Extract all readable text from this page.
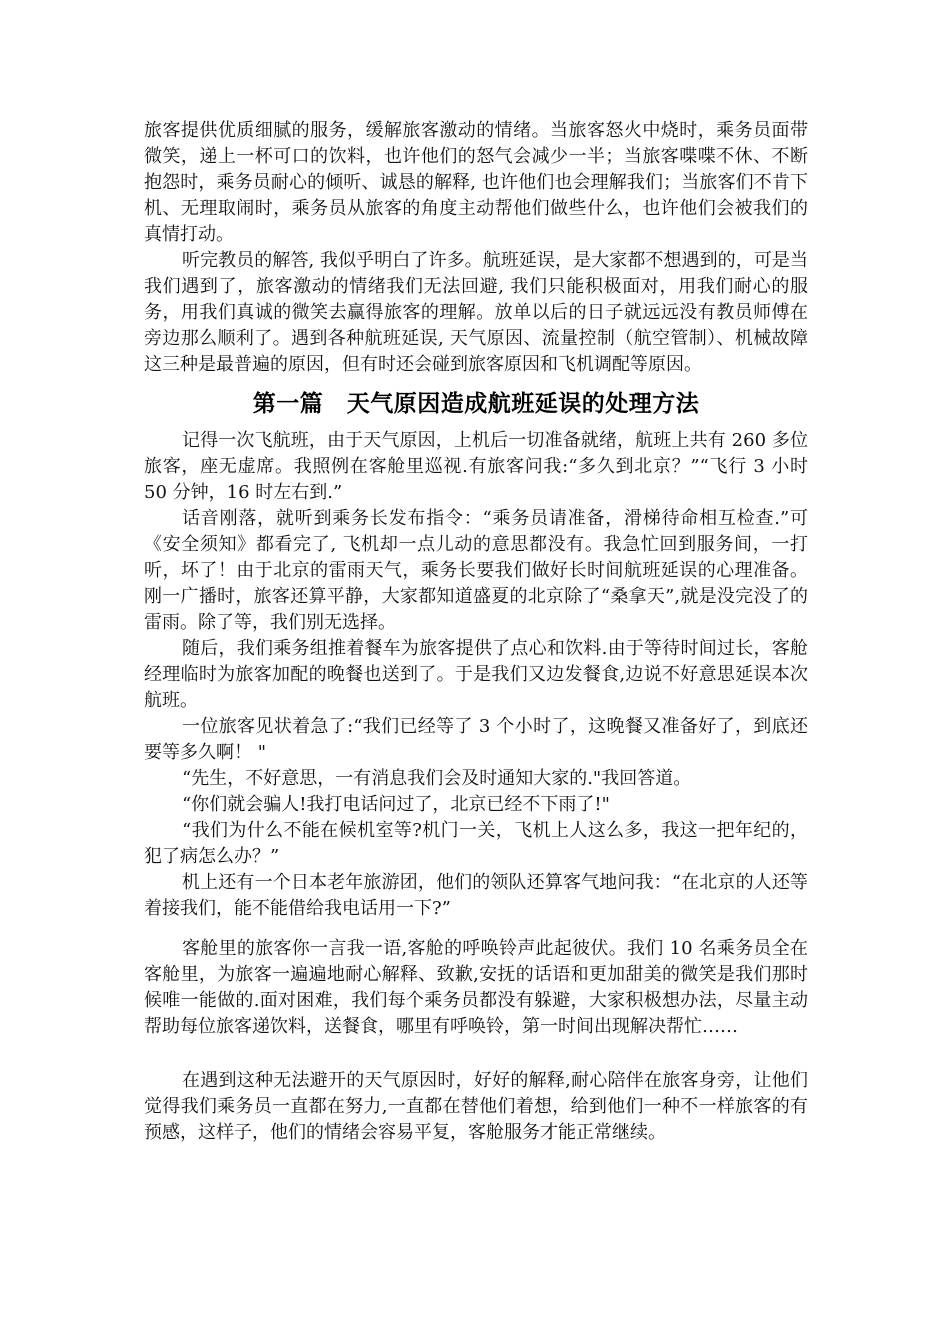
旅客提供优质细腻的服务，缓解旅客激动的情绪。当旅客怒火中烧时，乘务员面带微笑，递上一杯可口的饮料，也许他们的怒气会减少一半；当旅客喋喋不休、不断抱怨时，乘务员耐心的倾听、诚恳的解释, 也许他们也会理解我们；当旅客们不肯下机、无理取闹时，乘务员从旅客的角度主动帮他们做些什么，也许他们会被我们的真情打动。

听完教员的解答, 我似乎明白了许多。航班延误，是大家都不想遇到的，可是当我们遇到了，旅客激动的情绪我们无法回避, 我们只能积极面对，用我们耐心的服务，用我们真诚的微笑去赢得旅客的理解。放单以后的日子就远远没有教员师傅在旁边那么顺利了。遇到各种航班延误, 天气原因、流量控制（航空管制）、机械故障这三种是最普遍的原因，但有时还会碰到旅客原因和飞机调配等原因。

第一篇　天气原因造成航班延误的处理方法

记得一次飞航班，由于天气原因，上机后一切准备就绪，航班上共有 260 多位旅客，座无虚席。我照例在客舱里巡视.有旅客问我:“多久到北京？”“飞行 3 小时 50 分钟，16 时左右到.”

话音刚落，就听到乘务长发布指令：“乘务员请准备，滑梯待命相互检查.”可《安全须知》都看完了, 飞机却一点儿动的意思都没有。我急忙回到服务间，一打听，坏了！由于北京的雷雨天气，乘务长要我们做好长时间航班延误的心理准备。刚一广播时，旅客还算平静，大家都知道盛夏的北京除了“桑拿天”,就是没完没了的雷雨。除了等，我们别无选择。

随后，我们乘务组推着餐车为旅客提供了点心和饮料.由于等待时间过长，客舱经理临时为旅客加配的晚餐也送到了。于是我们又边发餐食,边说不好意思延误本次航班。

一位旅客见状着急了:“我们已经等了 3 个小时了，这晚餐又准备好了，到底还要等多久啊！ "

“先生，不好意思，一有消息我们会及时通知大家的."我回答道。

“你们就会骗人!我打电话问过了，北京已经不下雨了!"

“我们为什么不能在候机室等?机门一关，飞机上人这么多，我这一把年纪的，犯了病怎么办？”

机上还有一个日本老年旅游团，他们的领队还算客气地问我：“在北京的人还等着接我们，能不能借给我电话用一下?”

客舱里的旅客你一言我一语,客舱的呼唤铃声此起彼伏。我们 10 名乘务员全在客舱里，为旅客一遍遍地耐心解释、致歉,安抚的话语和更加甜美的微笑是我们那时候唯一能做的.面对困难，我们每个乘务员都没有躲避，大家积极想办法，尽量主动帮助每位旅客递饮料，送餐食，哪里有呼唤铃，第一时间出现解决帮忙……

在遇到这种无法避开的天气原因时，好好的解释,耐心陪伴在旅客身旁，让他们觉得我们乘务员一直都在努力,一直都在替他们着想，给到他们一种不一样旅客的有预感，这样子，他们的情绪会容易平复，客舱服务才能正常继续。
